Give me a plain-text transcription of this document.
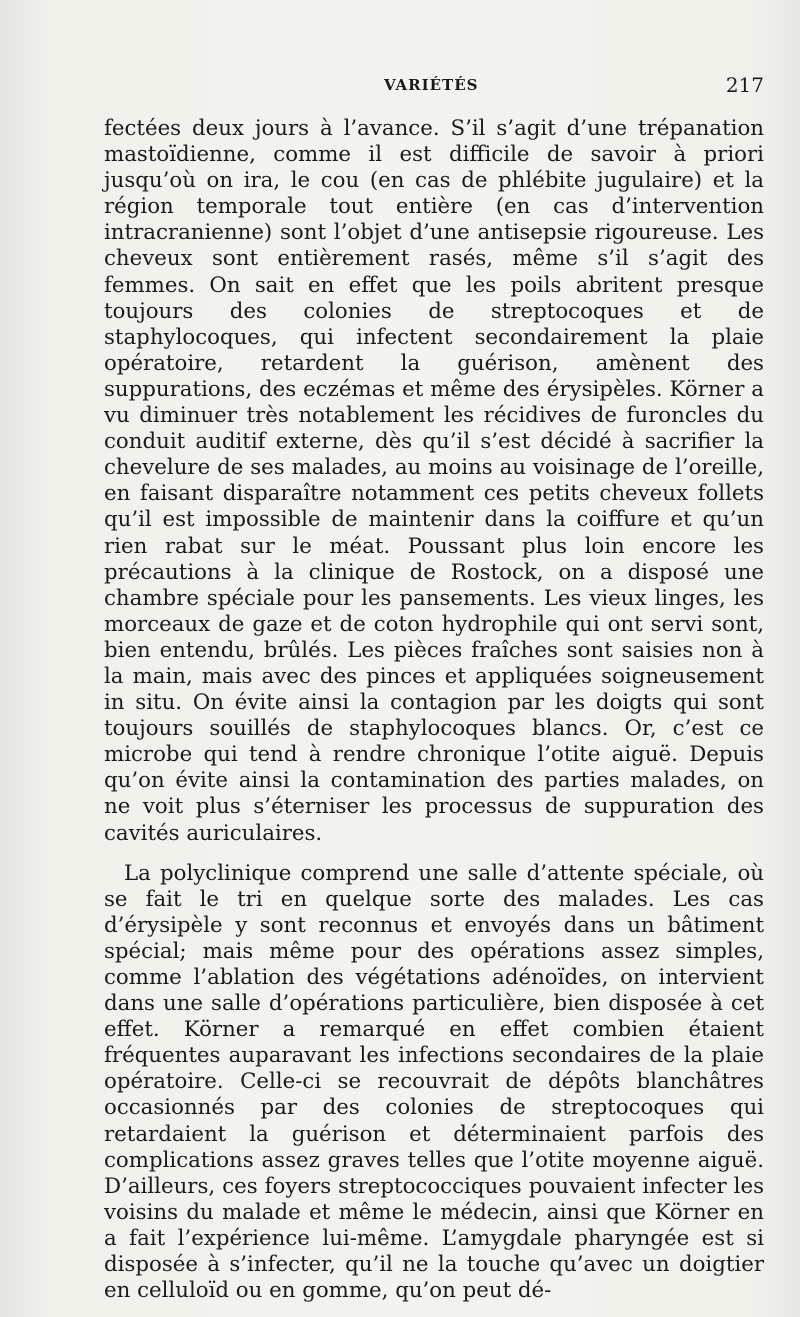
VARIÉTÉS	217

fectées deux jours à l’avance. S’il s’agit d’une trépanation mastoïdienne, comme il est difficile de savoir à priori jusqu’où on ira, le cou (en cas de phlébite jugulaire) et la région temporale tout entière (en cas d’intervention intracranienne) sont l’objet d’une antisepsie rigoureuse. Les cheveux sont entièrement rasés, même s’il s’agit des femmes. On sait en effet que les poils abritent presque toujours des colonies de streptocoques et de staphylocoques, qui infectent secondairement la plaie opératoire, retardent la guérison, amènent des suppurations, des eczémas et même des érysipèles. Körner a vu diminuer très notablement les récidives de furoncles du conduit auditif externe, dès qu’il s’est décidé à sacrifier la chevelure de ses malades, au moins au voisinage de l’oreille, en faisant disparaître notamment ces petits cheveux follets qu’il est impossible de maintenir dans la coiffure et qu’un rien rabat sur le méat. Poussant plus loin encore les précautions à la clinique de Rostock, on a disposé une chambre spéciale pour les pansements. Les vieux linges, les morceaux de gaze et de coton hydrophile qui ont servi sont, bien entendu, brûlés. Les pièces fraîches sont saisies non à la main, mais avec des pinces et appliquées soigneusement in situ. On évite ainsi la contagion par les doigts qui sont toujours souillés de staphylocoques blancs. Or, c’est ce microbe qui tend à rendre chronique l’otite aiguë. Depuis qu’on évite ainsi la contamination des parties malades, on ne voit plus s’éterniser les processus de suppuration des cavités auriculaires.

La polyclinique comprend une salle d’attente spéciale, où se fait le tri en quelque sorte des malades. Les cas d’érysipèle y sont reconnus et envoyés dans un bâtiment spécial; mais même pour des opérations assez simples, comme l’ablation des végétations adénoïdes, on intervient dans une salle d’opérations particulière, bien disposée à cet effet. Körner a remarqué en effet combien étaient fréquentes auparavant les infections secondaires de la plaie opératoire. Celle-ci se recouvrait de dépôts blanchâtres occasionnés par des colonies de streptocoques qui retardaient la guérison et déterminaient parfois des complications assez graves telles que l’otite moyenne aiguë. D’ailleurs, ces foyers streptococciques pouvaient infecter les voisins du malade et même le médecin, ainsi que Körner en a fait l’expérience lui-même. L’amygdale pharyngée est si disposée à s’infecter, qu’il ne la touche qu’avec un doigtier en celluloïd ou en gomme, qu’on peut dé-
